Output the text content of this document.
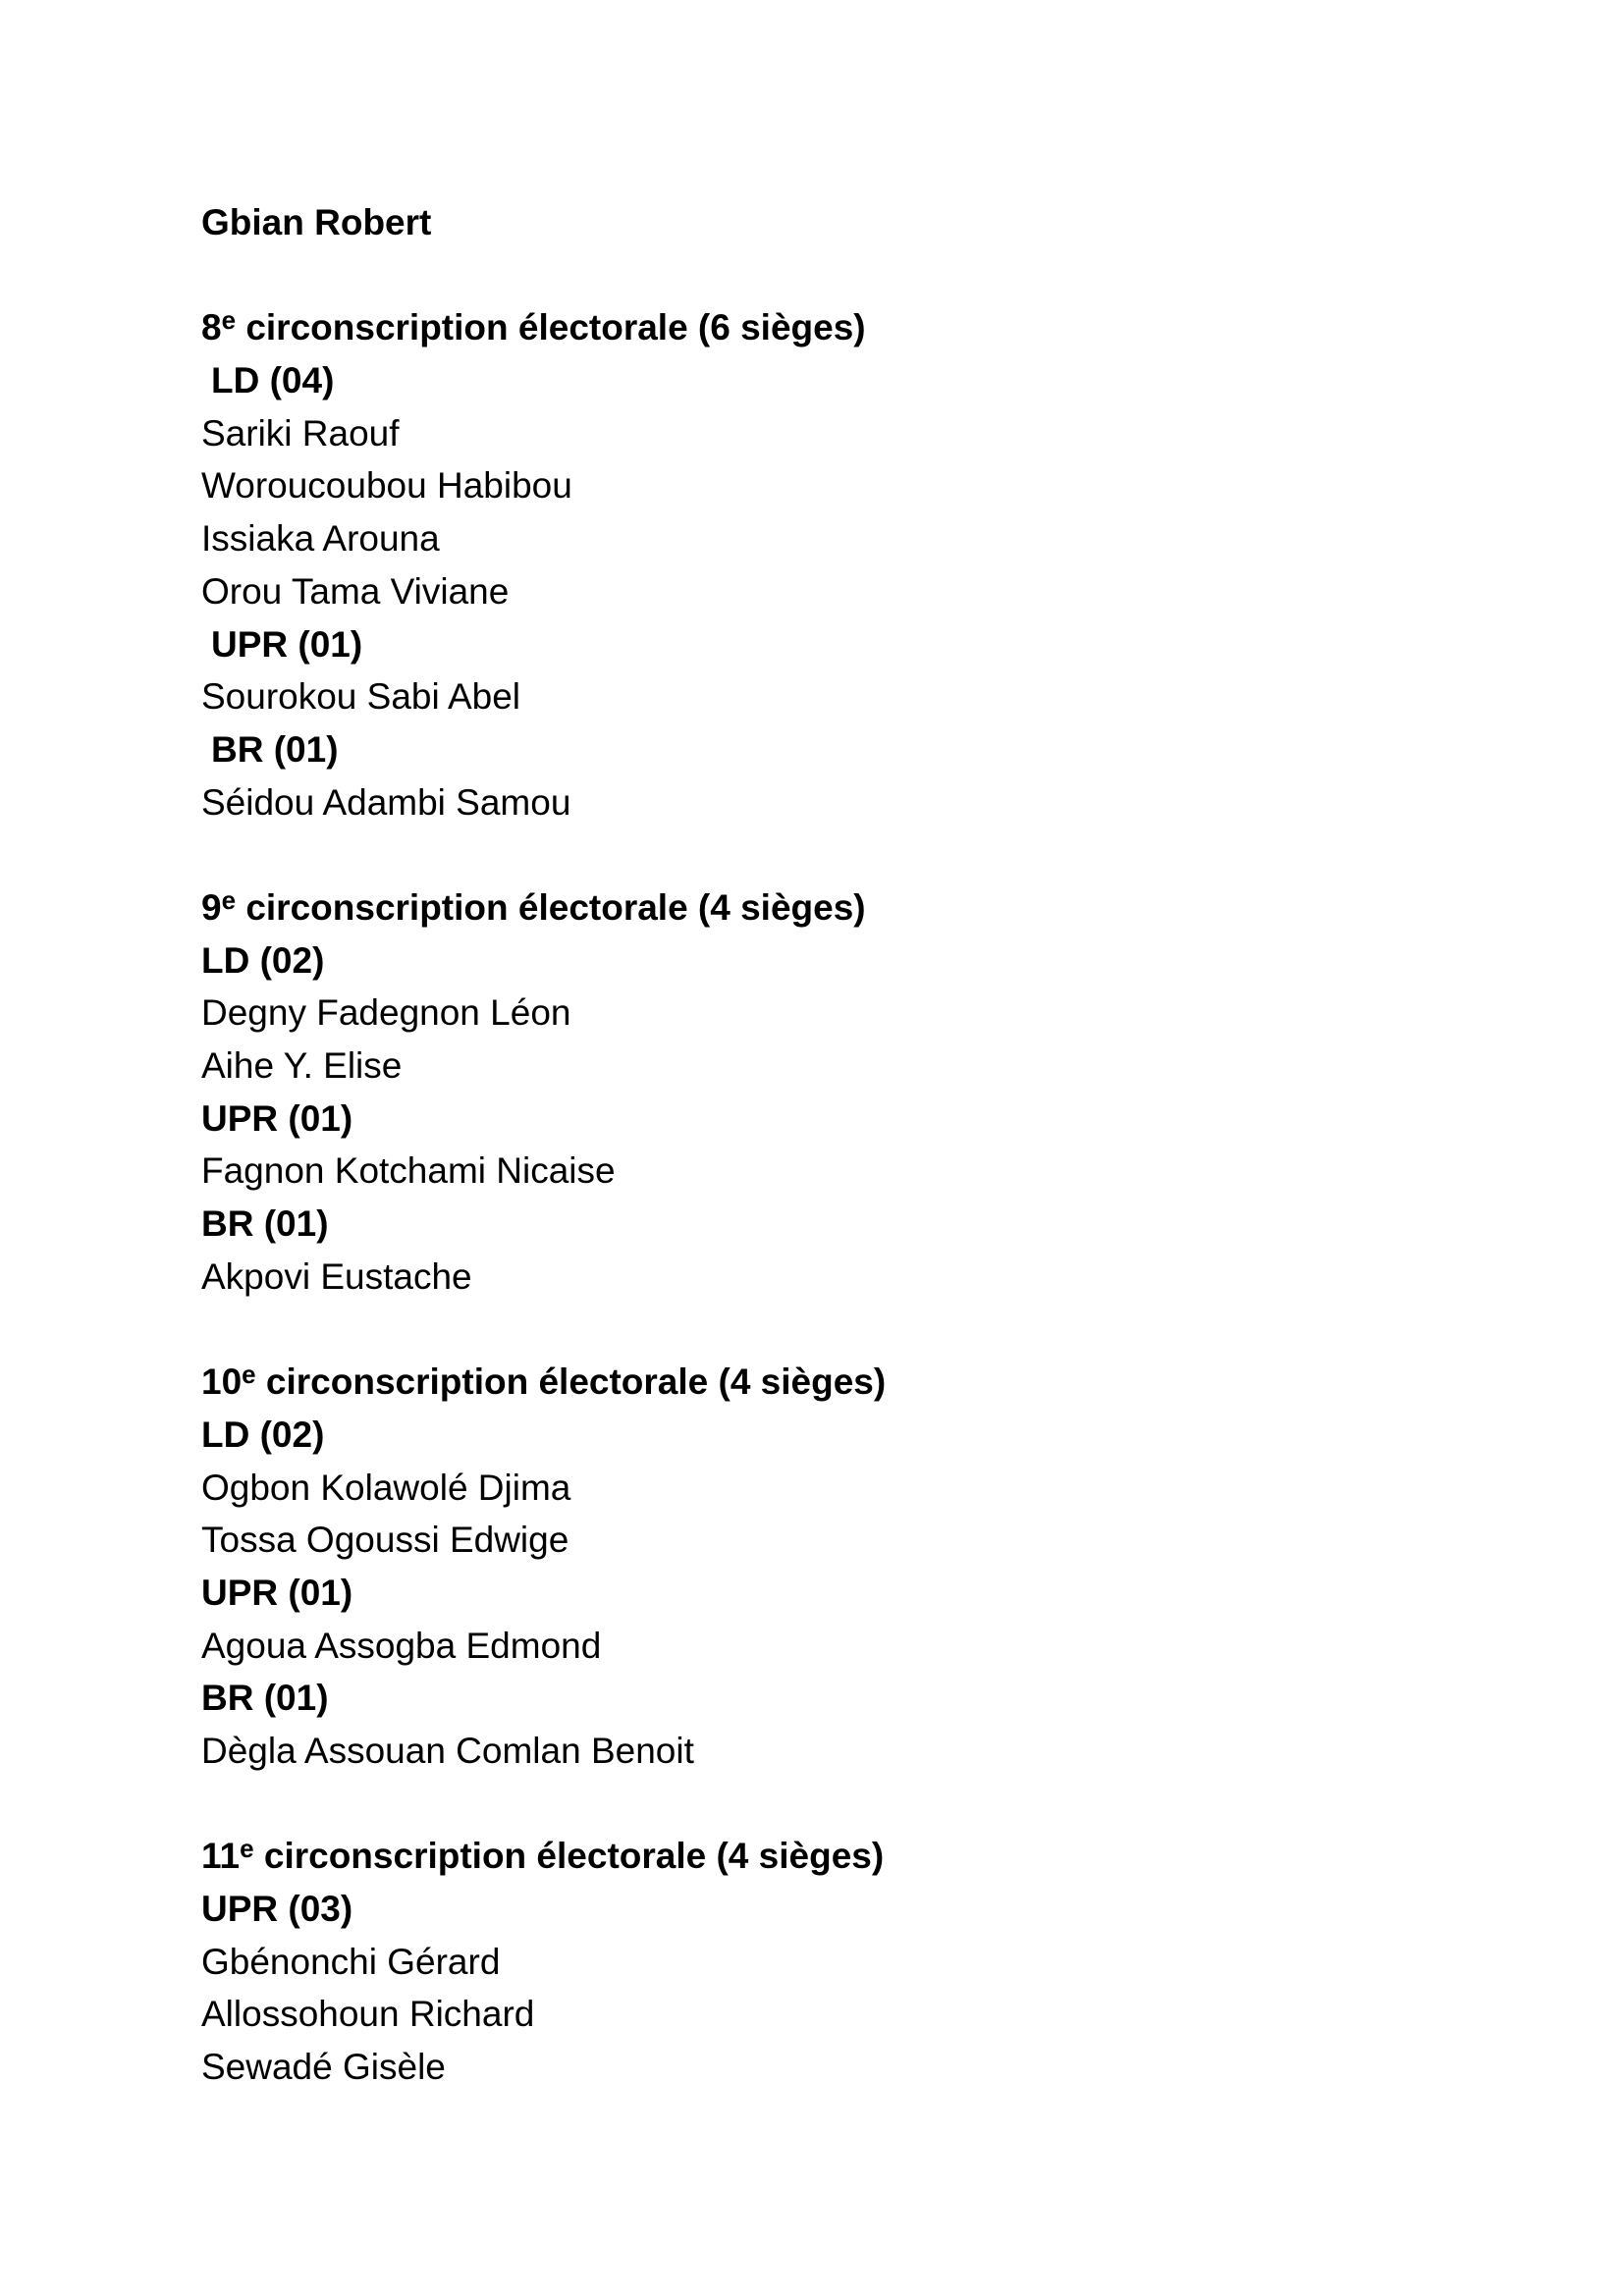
Gbian Robert
8e circonscription électorale (6 sièges)
LD (04)
Sariki Raouf
Woroucoubou Habibou
Issiaka Arouna
Orou Tama Viviane
UPR (01)
Sourokou Sabi Abel
BR (01)
Séidou Adambi Samou
9e circonscription électorale (4 sièges)
LD (02)
Degny Fadegnon Léon
Aihe Y. Elise
UPR (01)
Fagnon Kotchami Nicaise
BR (01)
Akpovi Eustache
10e circonscription électorale (4 sièges)
LD (02)
Ogbon Kolawolé Djima
Tossa Ogoussi Edwige
UPR (01)
Agoua Assogba Edmond
BR (01)
Dègla Assouan Comlan Benoit
11e circonscription électorale (4 sièges)
UPR (03)
Gbénonchi Gérard
Allossohoun Richard
Sewadé Gisèle
